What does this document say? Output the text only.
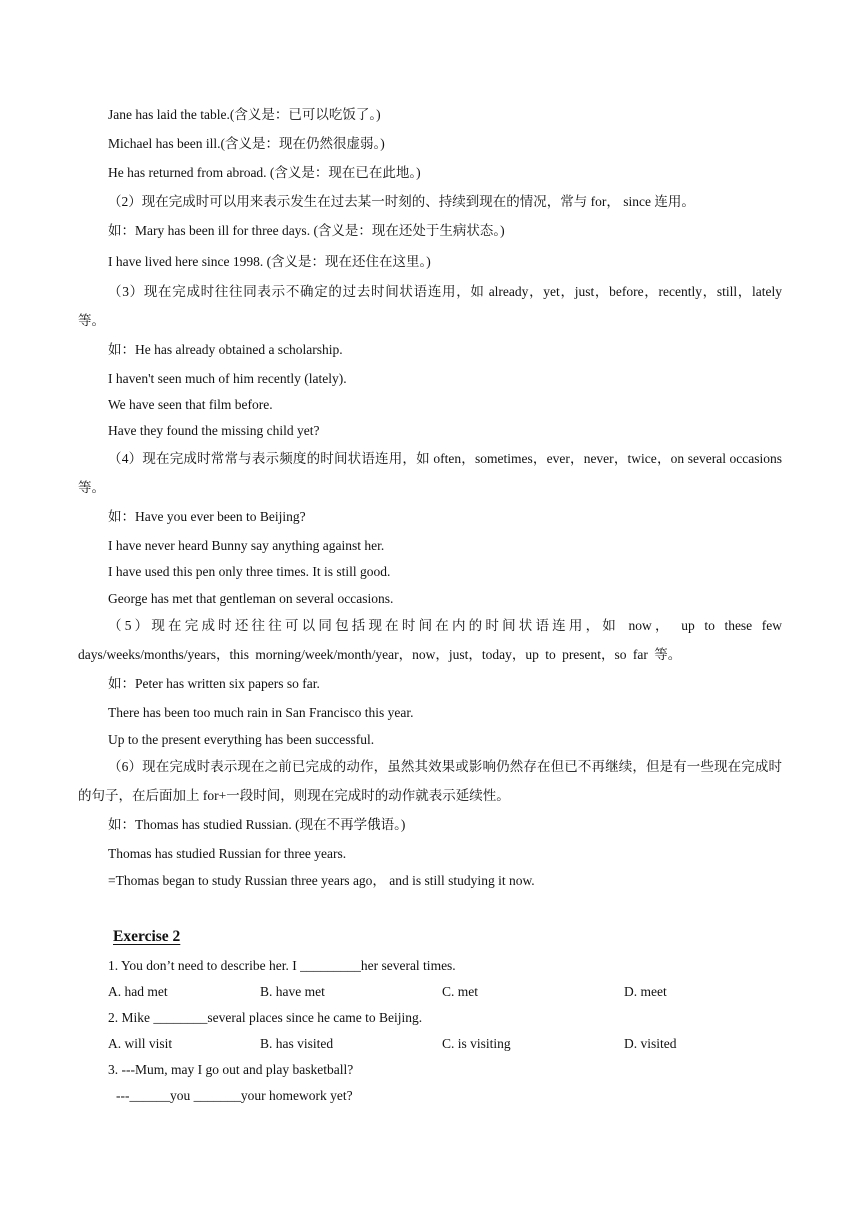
Jane has laid the table.(含义是：已可以吃饭了。)
Michael has been ill.(含义是：现在仍然很虚弱。)
He has returned from abroad. (含义是：现在已在此地。)
（2）现在完成时可以用来表示发生在过去某一时刻的、持续到现在的情况，常与 for， since 连用。
如：Mary has been ill for three days. (含义是：现在还处于生病状态。)
I have lived here since 1998. (含义是：现在还住在这里。)
（3）现在完成时往往同表示不确定的过去时间状语连用，如 already，yet，just，before，recently，still，lately 等。
如：He has already obtained a scholarship.
I haven't seen much of him recently (lately).
We have seen that film before.
Have they found the missing child yet?
（4）现在完成时常常与表示频度的时间状语连用，如 often，sometimes，ever，never，twice，on several occasions 等。
如：Have you ever been to Beijing?
I have never heard Bunny say anything against her.
I have used this pen only three times. It is still good.
George has met that gentleman on several occasions.
（5）现在完成时还往往可以同包括现在时间在内的时间状语连用，如 now， up to these few days/weeks/months/years，this morning/week/month/year，now，just，today，up to present，so far 等。
如：Peter has written six papers so far.
There has been too much rain in San Francisco this year.
Up to the present everything has been successful.
（6）现在完成时表示现在之前已完成的动作，虽然其效果或影响仍然存在但已不再继续，但是有一些现在完成时的句子，在后面加上 for+一段时间，则现在完成时的动作就表示延续性。
如：Thomas has studied Russian. (现在不再学俄语。)
Thomas has studied Russian for three years.
=Thomas began to study Russian three years ago， and is still studying it now.
Exercise 2
1. You don’t need to describe her. I _________her several times.
A. had met	B. have met	C. met	D. meet
2. Mike ________several places since he came to Beijing.
A. will visit	B. has visited	C. is visiting	D. visited
3. ---Mum, may I go out and play basketball?
---______you _______your homework yet?
